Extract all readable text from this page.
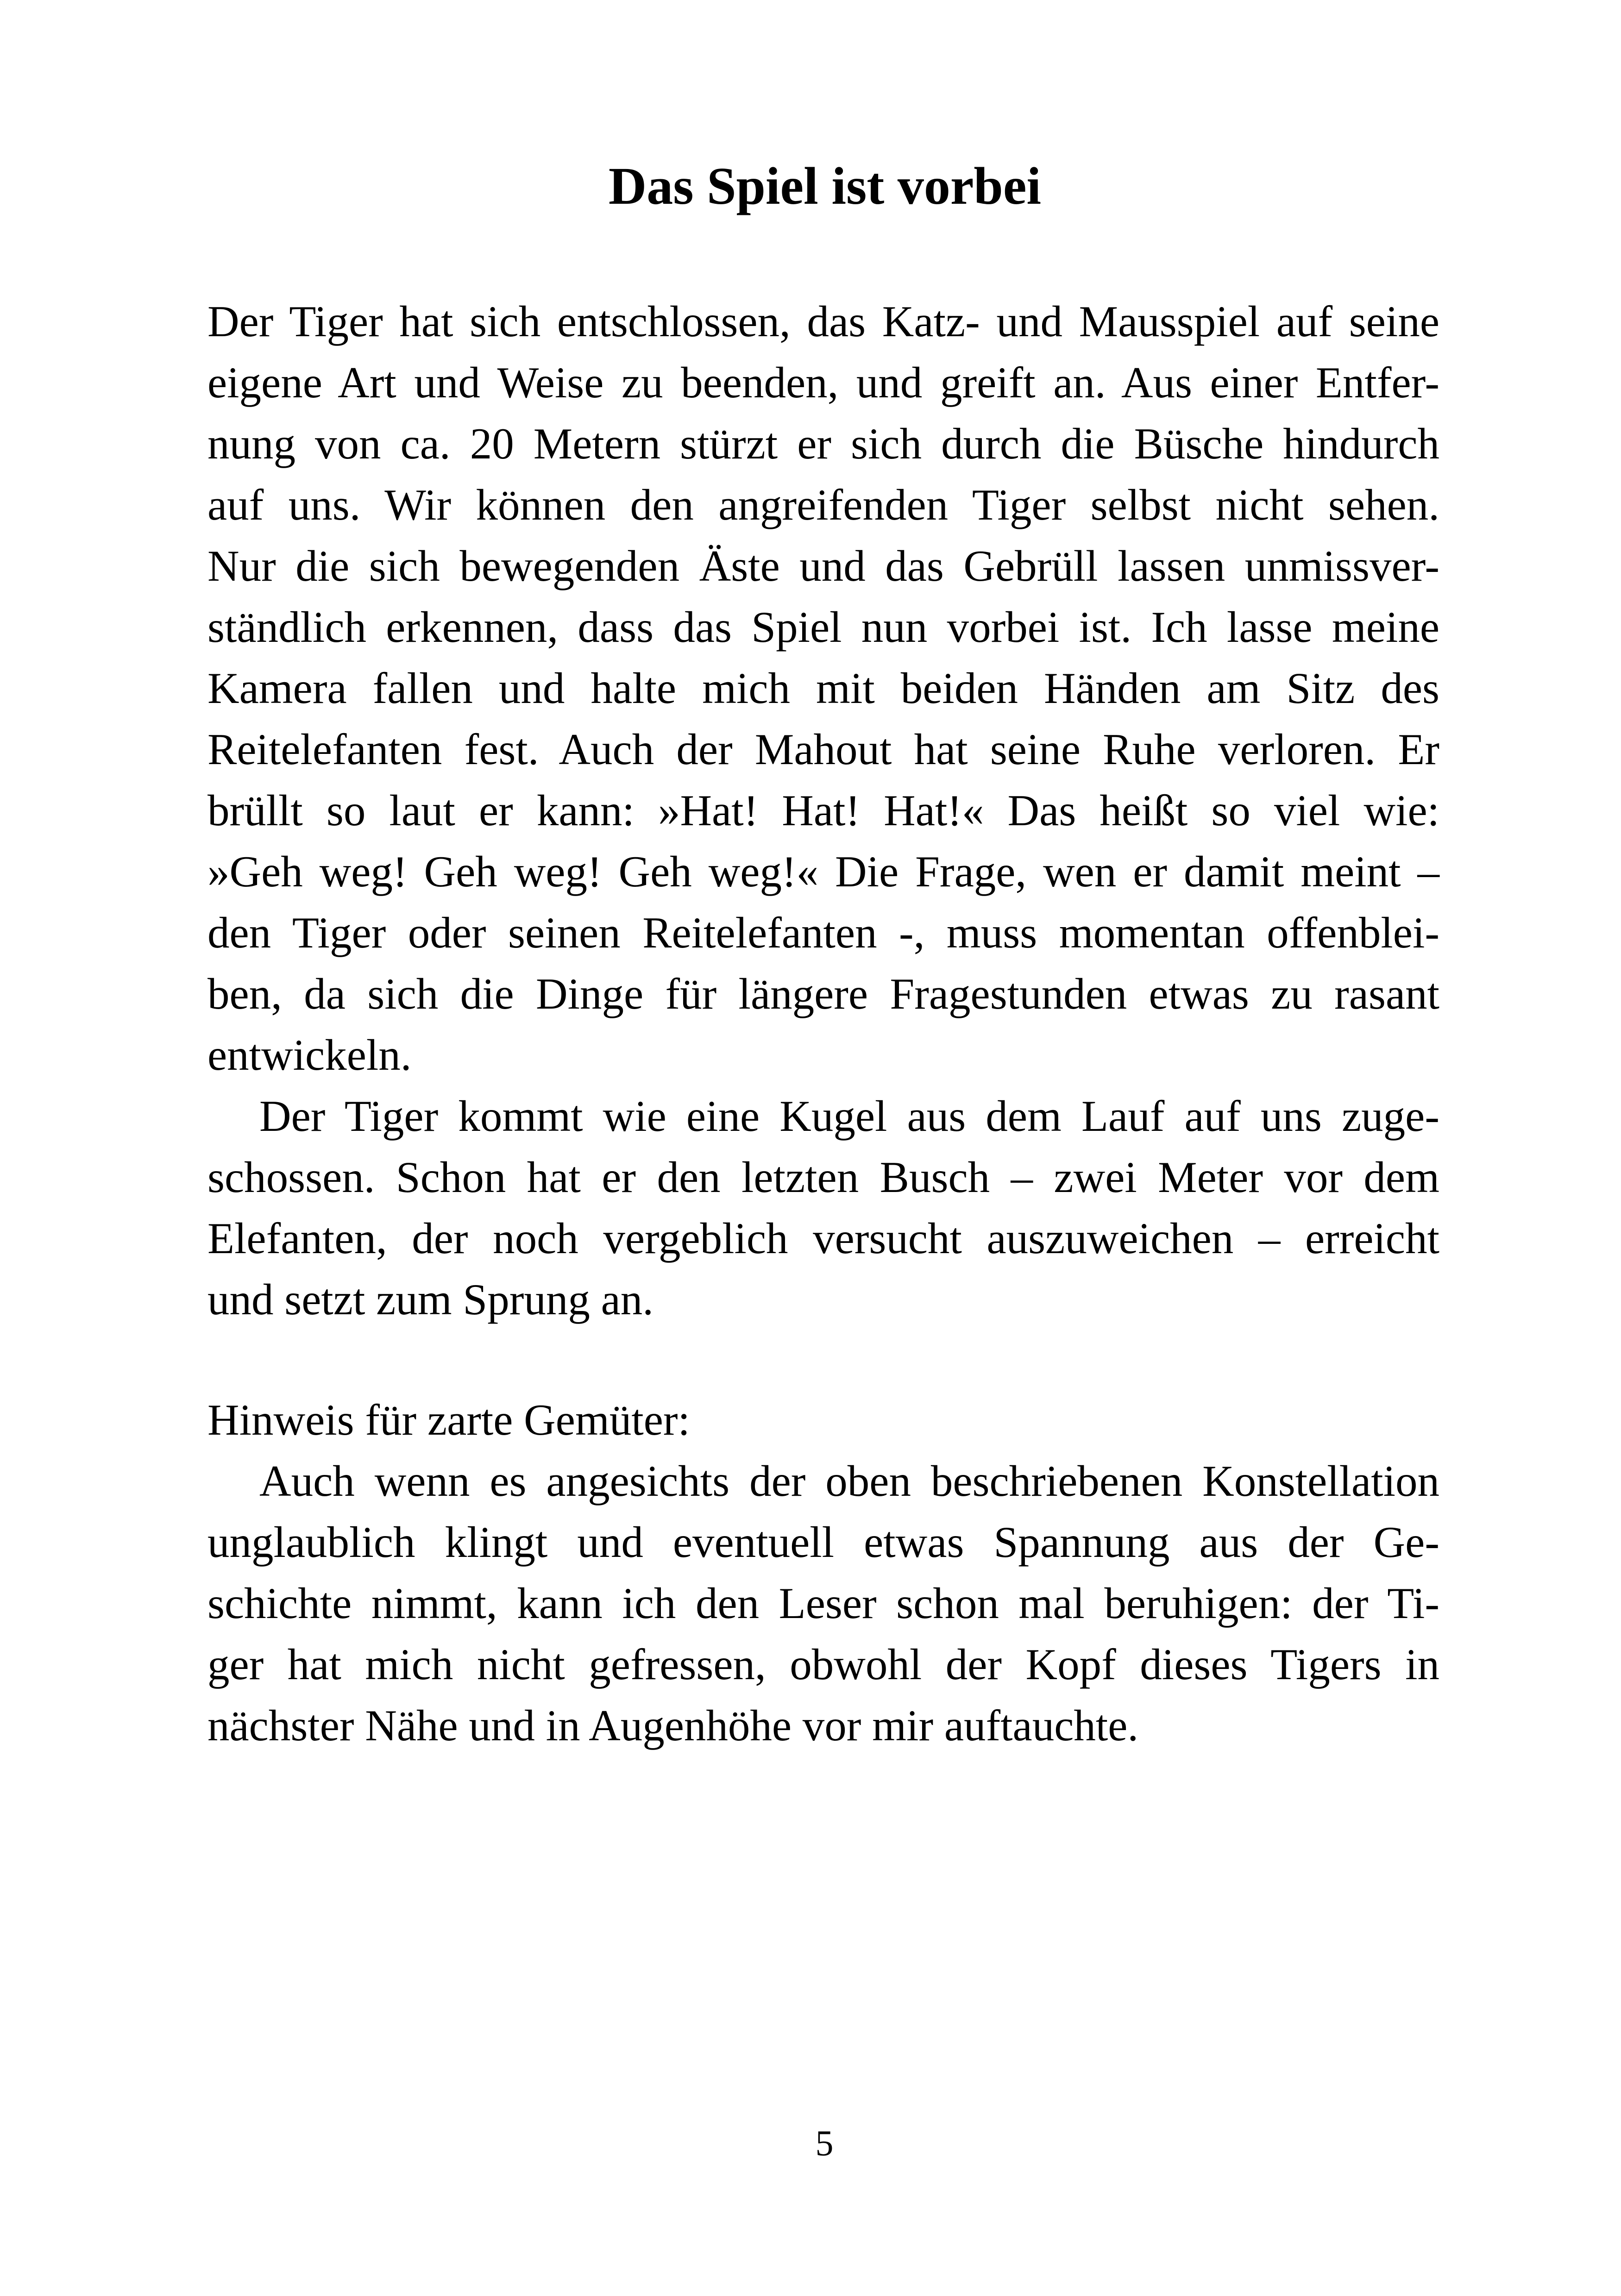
Das Spiel ist vorbei
Der Tiger hat sich entschlossen, das Katz- und Mausspiel auf seine
eigene Art und Weise zu beenden, und greift an. Aus einer Entfer-
nung von ca. 20 Metern stürzt er sich durch die Büsche hindurch
auf uns. Wir können den angreifenden Tiger selbst nicht sehen.
Nur die sich bewegenden Äste und das Gebrüll lassen unmissver-
ständlich erkennen, dass das Spiel nun vorbei ist. Ich lasse meine
Kamera fallen und halte mich mit beiden Händen am Sitz des
Reitelefanten fest. Auch der Mahout hat seine Ruhe verloren. Er
brüllt so laut er kann: »Hat! Hat! Hat!« Das heißt so viel wie:
»Geh weg! Geh weg! Geh weg!« Die Frage, wen er damit meint –
den Tiger oder seinen Reitelefanten -, muss momentan offenblei-
ben, da sich die Dinge für längere Fragestunden etwas zu rasant
entwickeln.
Der Tiger kommt wie eine Kugel aus dem Lauf auf uns zuge-
schossen. Schon hat er den letzten Busch – zwei Meter vor dem
Elefanten, der noch vergeblich versucht auszuweichen – erreicht
und setzt zum Sprung an.
Hinweis für zarte Gemüter:
Auch wenn es angesichts der oben beschriebenen Konstellation
unglaublich klingt und eventuell etwas Spannung aus der Ge-
schichte nimmt, kann ich den Leser schon mal beruhigen: der Ti-
ger hat mich nicht gefressen, obwohl der Kopf dieses Tigers in
nächster Nähe und in Augenhöhe vor mir auftauchte.
5
